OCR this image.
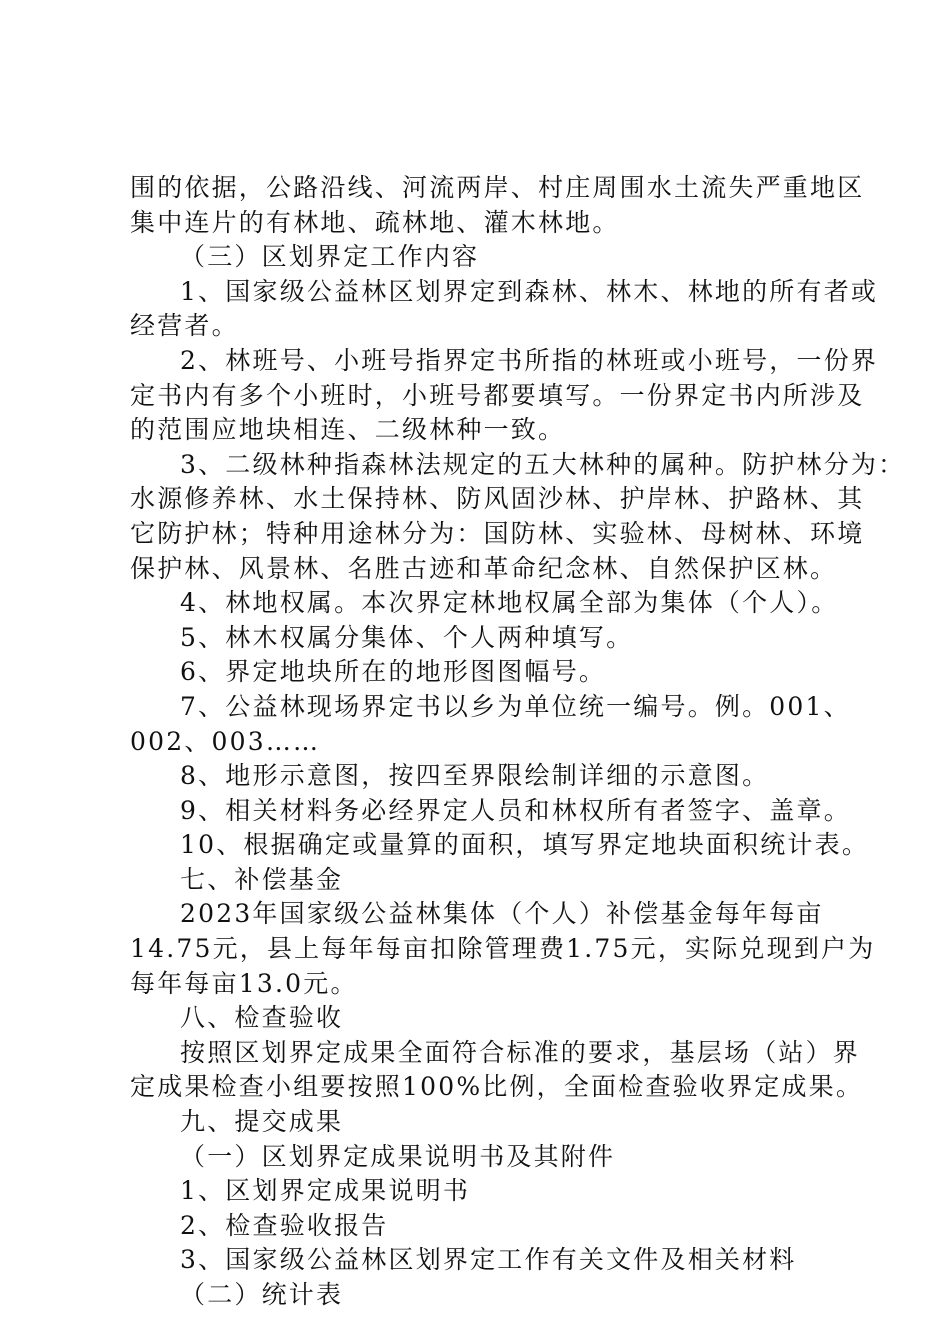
围的依据，公路沿线、河流两岸、村庄周围水土流失严重地区
集中连片的有林地、疏林地、灌木林地。
（三）区划界定工作内容
1、国家级公益林区划界定到森林、林木、林地的所有者或
经营者。
2、林班号、小班号指界定书所指的林班或小班号，一份界
定书内有多个小班时，小班号都要填写。一份界定书内所涉及
的范围应地块相连、二级林种一致。
3、二级林种指森林法规定的五大林种的属种。防护林分为：
水源修养林、水土保持林、防风固沙林、护岸林、护路林、其
它防护林；特种用途林分为：国防林、实验林、母树林、环境
保护林、风景林、名胜古迹和革命纪念林、自然保护区林。
4、林地权属。本次界定林地权属全部为集体（个人）。
5、林木权属分集体、个人两种填写。
6、界定地块所在的地形图图幅号。
7、公益林现场界定书以乡为单位统一编号。例。001、
002、003……
8、地形示意图，按四至界限绘制详细的示意图。
9、相关材料务必经界定人员和林权所有者签字、盖章。
10、根据确定或量算的面积，填写界定地块面积统计表。
七、补偿基金
2023年国家级公益林集体（个人）补偿基金每年每亩
14.75元，县上每年每亩扣除管理费1.75元，实际兑现到户为
每年每亩13.0元。
八、检查验收
按照区划界定成果全面符合标准的要求，基层场（站）界
定成果检查小组要按照100%比例，全面检查验收界定成果。
九、提交成果
（一）区划界定成果说明书及其附件
1、区划界定成果说明书
2、检查验收报告
3、国家级公益林区划界定工作有关文件及相关材料
（二）统计表
